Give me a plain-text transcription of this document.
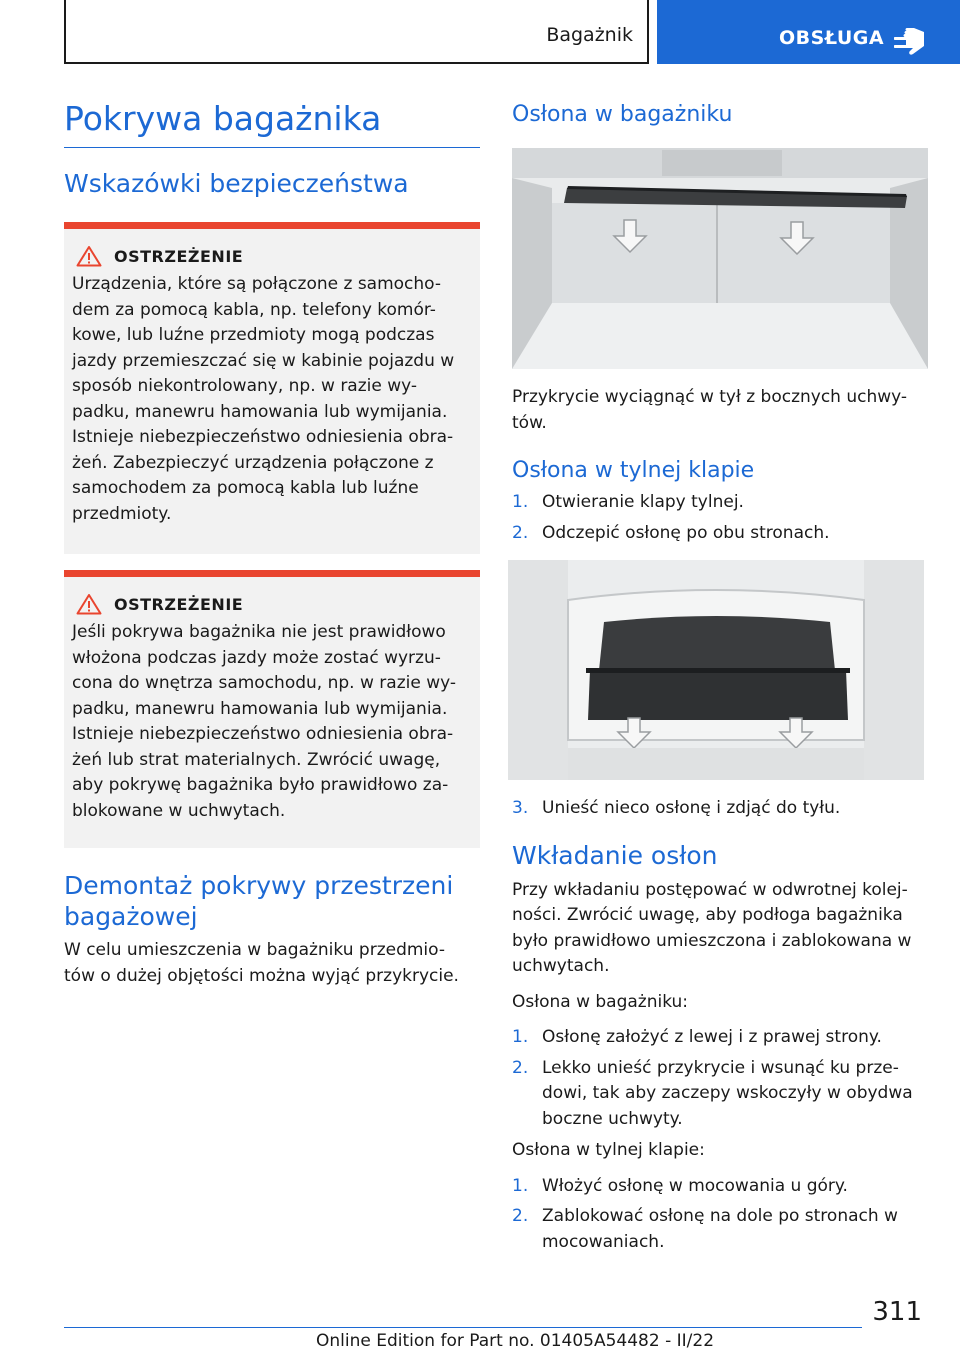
Bagażnik	OBSŁUGA
Pokrywa bagażnika
Wskazówki bezpieczeństwa
OSTRZEŻENIE

Urządzenia, które są połączone z samocho- dem za pomocą kabla, np. telefony komór- kowe, lub luźne przedmioty mogą podczas jazdy przemieszczać się w kabinie pojazdu w sposób niekontrolowany, np. w razie wy- padku, manewru hamowania lub wymijania. Istnieje niebezpieczeństwo odniesienia obra- żeń. Zabezpieczyć urządzenia połączone z samochodem za pomocą kabla lub luźne przedmioty.

OSTRZEŻENIE

Jeśli pokrywa bagażnika nie jest prawidłowo włożona podczas jazdy może zostać wyrzu- cona do wnętrza samochodu, np. w razie wy- padku, manewru hamowania lub wymijania. Istnieje niebezpieczeństwo odniesienia obra- żeń lub strat materialnych. Zwrócić uwagę, aby pokrywę bagażnika było prawidłowo za- blokowane w uchwytach.

Demontaż pokrywy przestrzeni bagażowej

W celu umieszczenia w bagażniku przedmio- tów o dużej objętości można wyjąć przykrycie.

Osłona w bagażniku

Przykrycie wyciągnąć w tył z bocznych uchwy- tów.

Osłona w tylnej klapie
1. Otwieranie klapy tylnej.
2. Odczepić osłonę po obu stronach.
3. Unieść nieco osłonę i zdjąć do tyłu.
Wkładanie osłon

Przy wkładaniu postępować w odwrotnej kolej- ności. Zwrócić uwagę, aby podłoga bagażnika było prawidłowo umieszczona i zablokowana w uchwytach.

Osłona w bagażniku:

1. Osłonę założyć z lewej i z prawej strony.
2. Lekko unieść przykrycie i wsunąć ku prze- dowi, tak aby zaczepy wskoczyły w obydwa boczne uchwyty.

Osłona w tylnej klapie:

1. Włożyć osłonę w mocowania u góry.
2. Zablokować osłonę na dole po stronach w mocowaniach.
311
Online Edition for Part no. 01405A54482 - II/22
